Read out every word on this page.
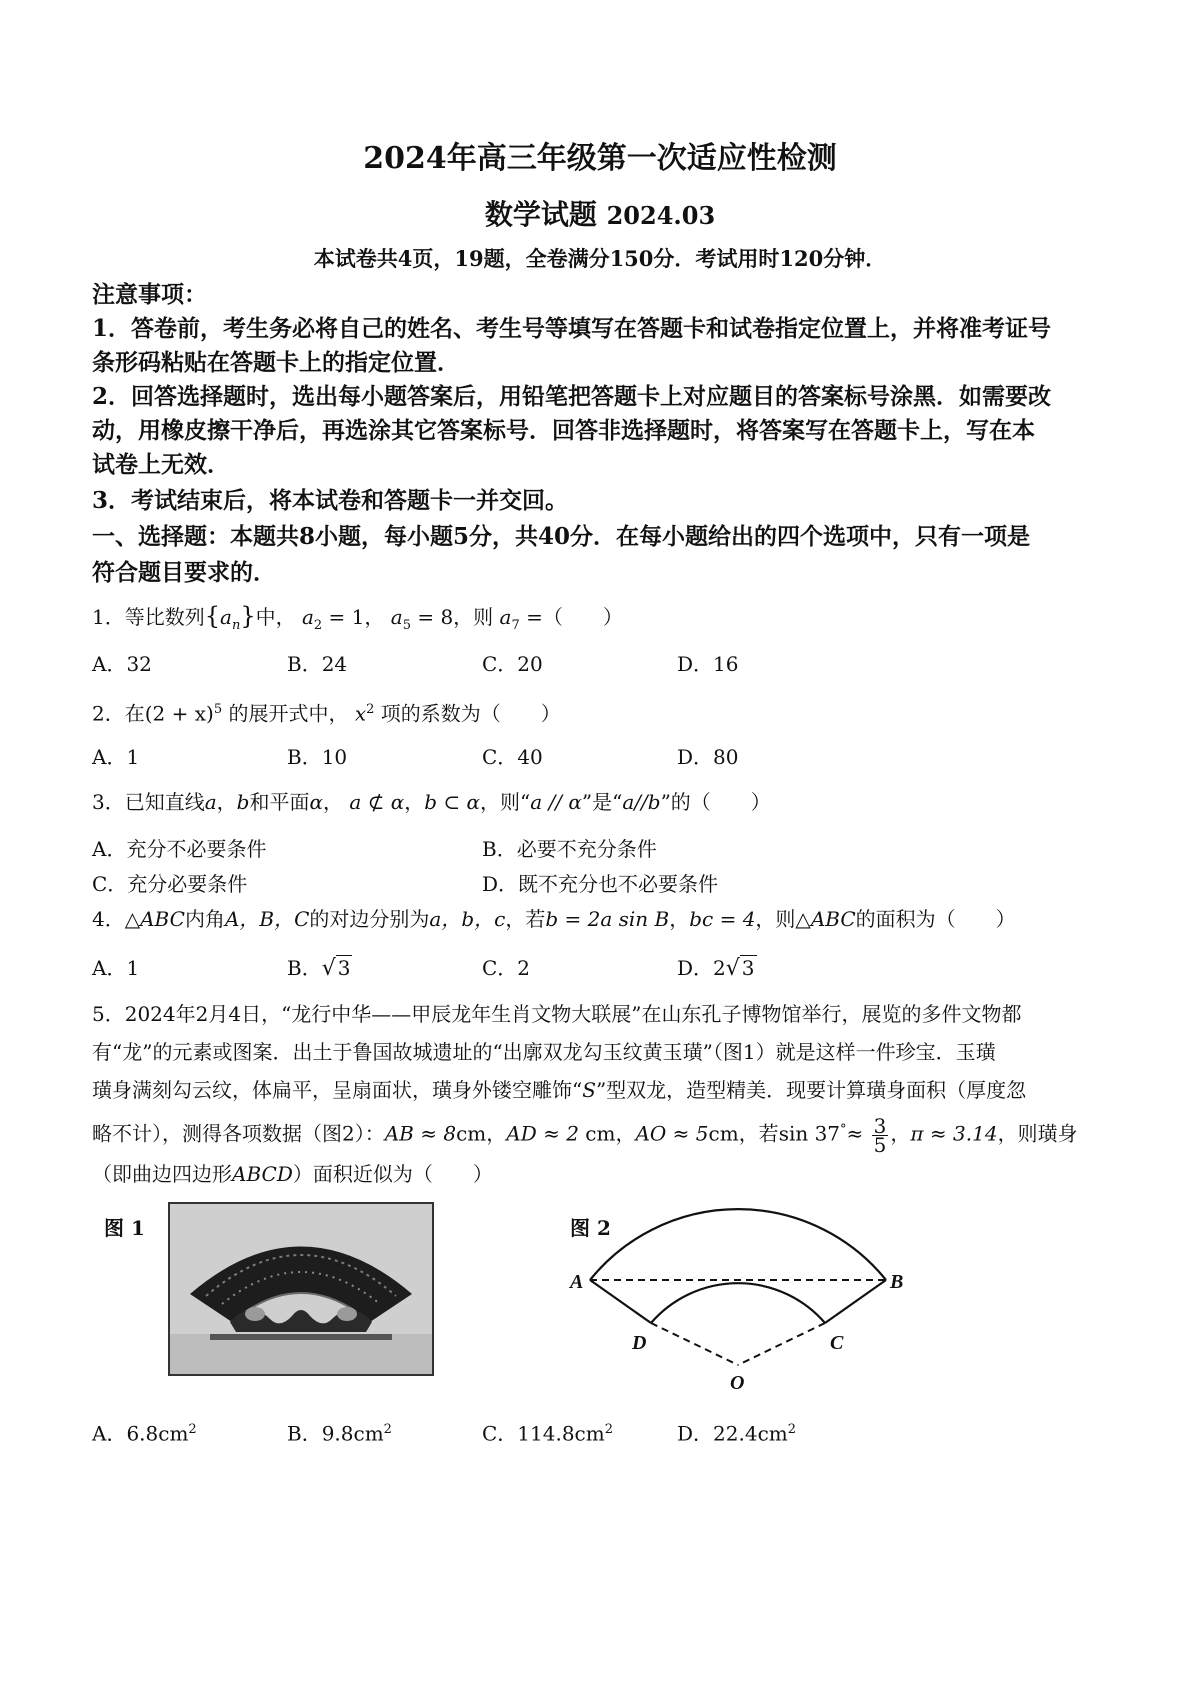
2024年高三年级第一次适应性检测
数学试题 2024.03
本试卷共4页，19题，全卷满分150分．考试用时120分钟．
注意事项：
1．答卷前，考生务必将自己的姓名、考生号等填写在答题卡和试卷指定位置上，并将准考证号
条形码粘贴在答题卡上的指定位置．
2．回答选择题时，选出每小题答案后，用铅笔把答题卡上对应题目的答案标号涂黑．如需要改
动，用橡皮擦干净后，再选涂其它答案标号．回答非选择题时，将答案写在答题卡上，写在本
试卷上无效．
3．考试结束后，将本试卷和答题卡一并交回。
一、选择题：本题共8小题，每小题5分，共40分．在每小题给出的四个选项中，只有一项是
符合题目要求的．
1．等比数列$\{a_n\}$中， $a_2 = 1$， $a_5 = 8$，则 $a_7$ =（　　）
A．32	B．24	C．20	D．16
2．在$(2 + x)^5$ 的展开式中， $x^2$ 项的系数为（　　）
A．1	B．10	C．40	D．80
3．已知直线a，b和平面α， a ⊄ α，b ⊂ α，则“a // α”是“a//b”的（　　）
A．充分不必要条件	B．必要不充分条件
C．充分必要条件	D．既不充分也不必要条件
4．△ABC内角A，B，C的对边分别为a，b，c，若b = 2a sin B，bc = 4，则△ABC的面积为（　　）
A．1	B．√ 3	C．2	D．2√ 3
5．2024年2月4日，“龙行中华——甲辰龙年生肖文物大联展”在山东孔子博物馆举行，展览的多件文物都
有“龙”的元素或图案．出土于鲁国故城遗址的“出廓双龙勾玉纹黄玉璜”（图1）就是这样一件珍宝．玉璜
璜身满刻勾云纹，体扁平，呈扇面状，璜身外镂空雕饰“S”型双龙，造型精美．现要计算璜身面积（厚度忽
略不计），测得各项数据（图2）：AB ≈ 8cm，AD ≈ 2 cm，AO ≈ 5cm，若$\sin 37^\circ\approx \frac{3}{5}$ ，π ≈ 3.14，则璜身
（即曲边四边形ABCD）面积近似为（　　）
图 1	图 2
A	B
C
D
O
A．$6.8cm^2$	B．$9.8cm^2$	C．$114.8cm^2$	D．$22.4cm^2$
